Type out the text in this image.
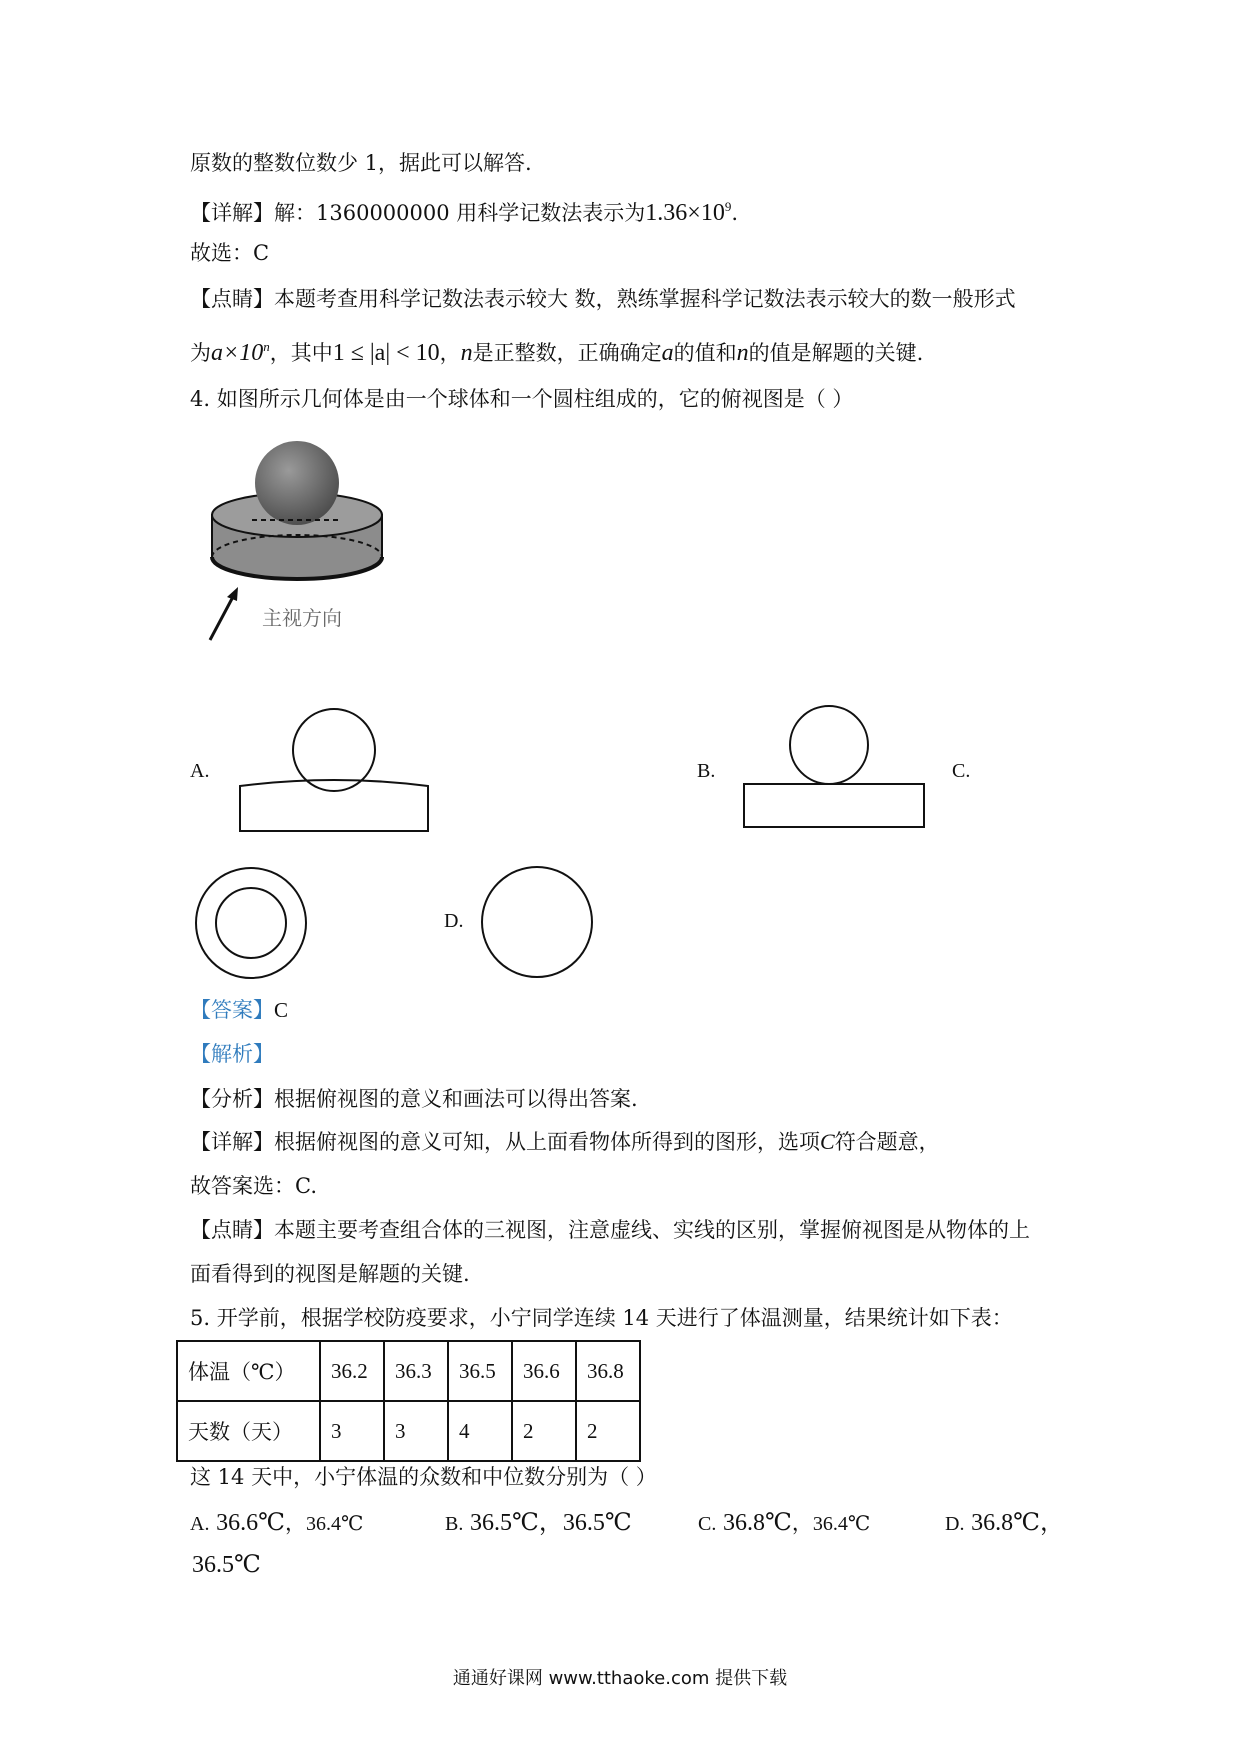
原数的整数位数少 1，据此可以解答.
【详解】解：1360000000 用科学记数法表示为$1.36\times 10^9$.
故选：C
【点睛】本题考查用科学记数法表示较大 数，熟练掌握科学记数法表示较大的数一般形式
为$a\times 10^n$，其中1 ≤ |a| < 10，n是正整数，正确确定a的值和n的值是解题的关键.
4. 如图所示几何体是由一个球体和一个圆柱组成的，它的俯视图是（ ）
主视方向
A.	B.	C.
D.
【答案】C
【解析】
【分析】根据俯视图的意义和画法可以得出答案.
【详解】根据俯视图的意义可知，从上面看物体所得到的图形，选项C符合题意，
故答案选：C.
【点睛】本题主要考查组合体的三视图，注意虚线、实线的区别，掌握俯视图是从物体的上
面看得到的视图是解题的关键.
5. 开学前，根据学校防疫要求，小宁同学连续 14 天进行了体温测量，结果统计如下表：
体温（℃）	36.2	36.3	36.5	36.6	36.8
天数（天）	3	3	4	2	2
这 14 天中，小宁体温的众数和中位数分别为（ ）
A. 36.6℃，36.4℃	B. 36.5℃，36.5℃	C. 36.8℃，36.4℃	D. 36.8℃，
36.5℃
通通好课网 www.tthaoke.com 提供下载
